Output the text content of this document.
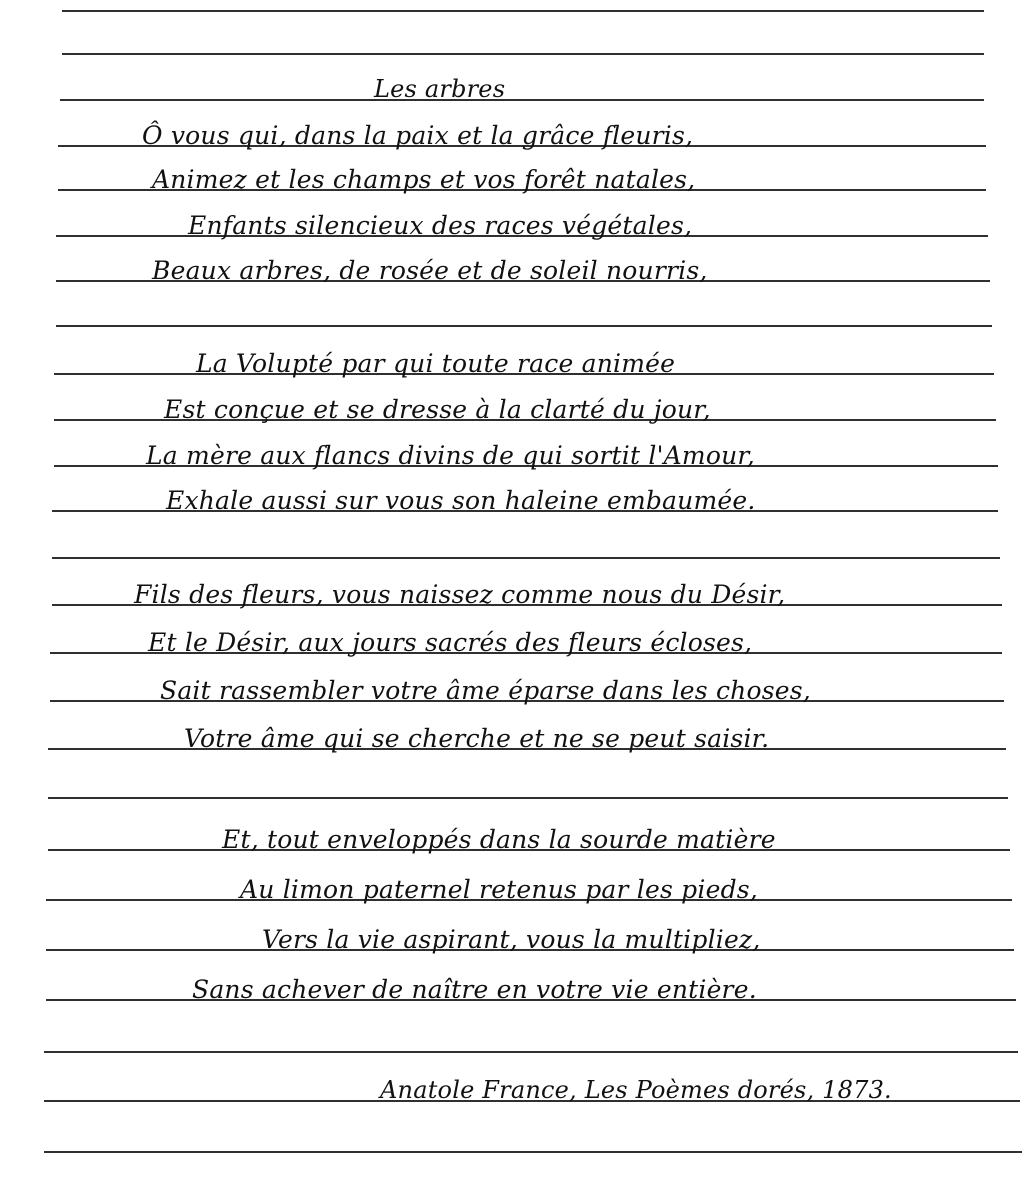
Les arbres
Ô vous qui, dans la paix et la grâce fleuris,
Animez et les champs et vos forêt natales,
Enfants silencieux des races végétales,
Beaux arbres, de rosée et de soleil nourris,
La Volupté par qui toute race animée
Est conçue et se dresse à la clarté du jour,
La mère aux flancs divins de qui sortit l'Amour,
Exhale aussi sur vous son haleine embaumée.
Fils des fleurs, vous naissez comme nous du Désir,
Et le Désir, aux jours sacrés des fleurs écloses,
Sait rassembler votre âme éparse dans les choses,
Votre âme qui se cherche et ne se peut saisir.
Et, tout enveloppés dans la sourde matière
Au limon paternel retenus par les pieds,
Vers la vie aspirant, vous la multipliez,
Sans achever de naître en votre vie entière.
Anatole France, Les Poèmes dorés, 1873.
